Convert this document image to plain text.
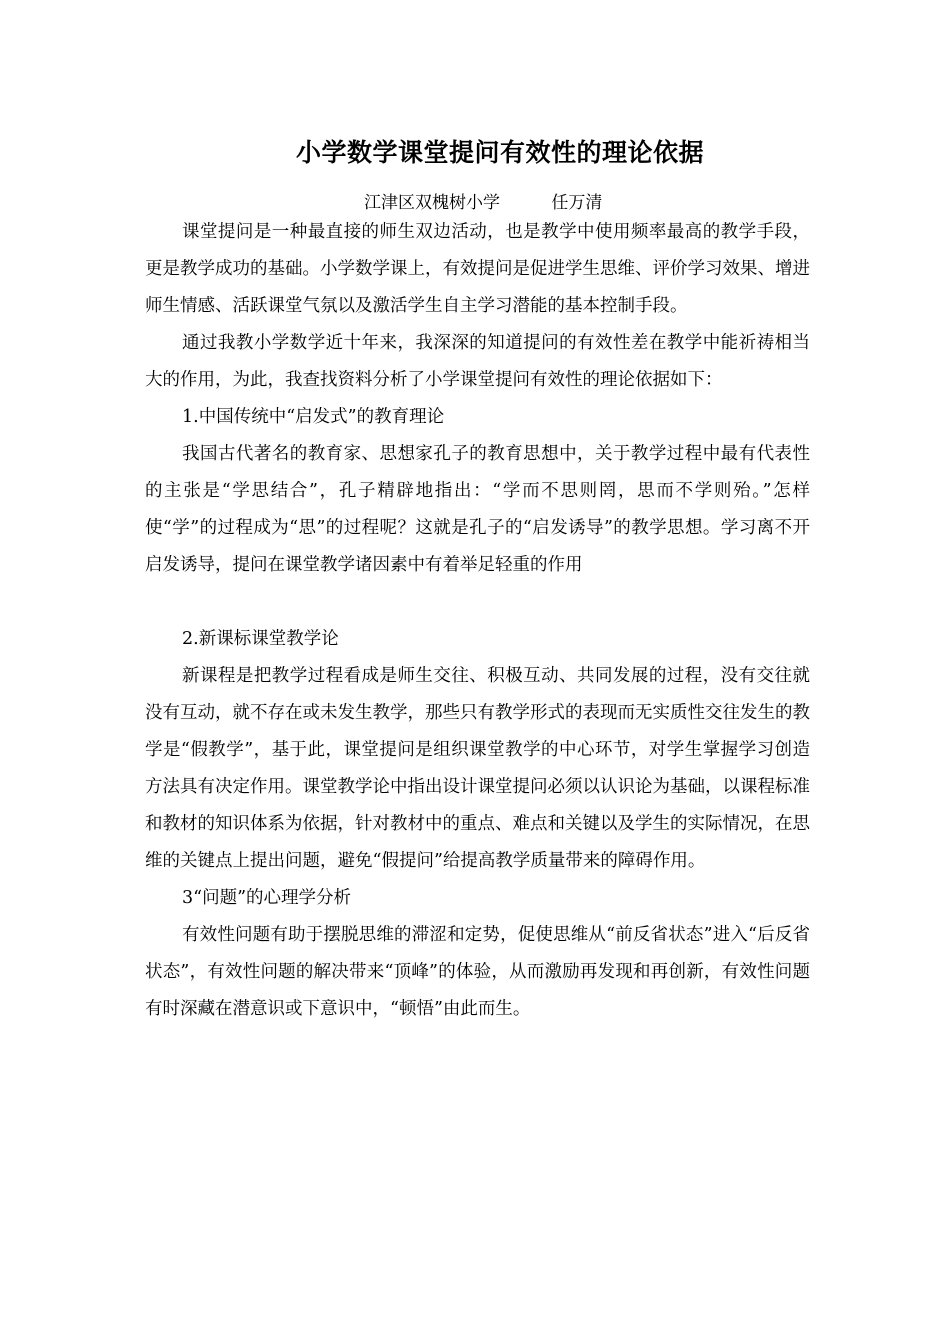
小学数学课堂提问有效性的理论依据
江津区双槐树小学	任万清

课堂提问是一种最直接的师生双边活动，也是教学中使用频率最高的教学手段，更是教学成功的基础。小学数学课上，有效提问是促进学生思维、评价学习效果、增进师生情感、活跃课堂气氛以及激活学生自主学习潜能的基本控制手段。

通过我教小学数学近十年来，我深深的知道提问的有效性差在教学中能祈祷相当大的作用，为此，我查找资料分析了小学课堂提问有效性的理论依据如下：

1.中国传统中“启发式”的教育理论

我国古代著名的教育家、思想家孔子的教育思想中，关于教学过程中最有代表性的主张是“学思结合”，孔子精辟地指出：“学而不思则罔，思而不学则殆。”怎样使“学”的过程成为“思”的过程呢？这就是孔子的“启发诱导”的教学思想。学习离不开启发诱导，提问在课堂教学诸因素中有着举足轻重的作用

2.新课标课堂教学论

新课程是把教学过程看成是师生交往、积极互动、共同发展的过程，没有交往就没有互动，就不存在或未发生教学，那些只有教学形式的表现而无实质性交往发生的教学是“假教学”，基于此，课堂提问是组织课堂教学的中心环节，对学生掌握学习创造方法具有决定作用。课堂教学论中指出设计课堂提问必须以认识论为基础，以课程标准和教材的知识体系为依据，针对教材中的重点、难点和关键以及学生的实际情况，在思维的关键点上提出问题，避免“假提问”给提高教学质量带来的障碍作用。

3“问题”的心理学分析

有效性问题有助于摆脱思维的滞涩和定势，促使思维从“前反省状态”进入“后反省状态”，有效性问题的解决带来“顶峰”的体验，从而激励再发现和再创新，有效性问题有时深藏在潜意识或下意识中，“顿悟”由此而生。
